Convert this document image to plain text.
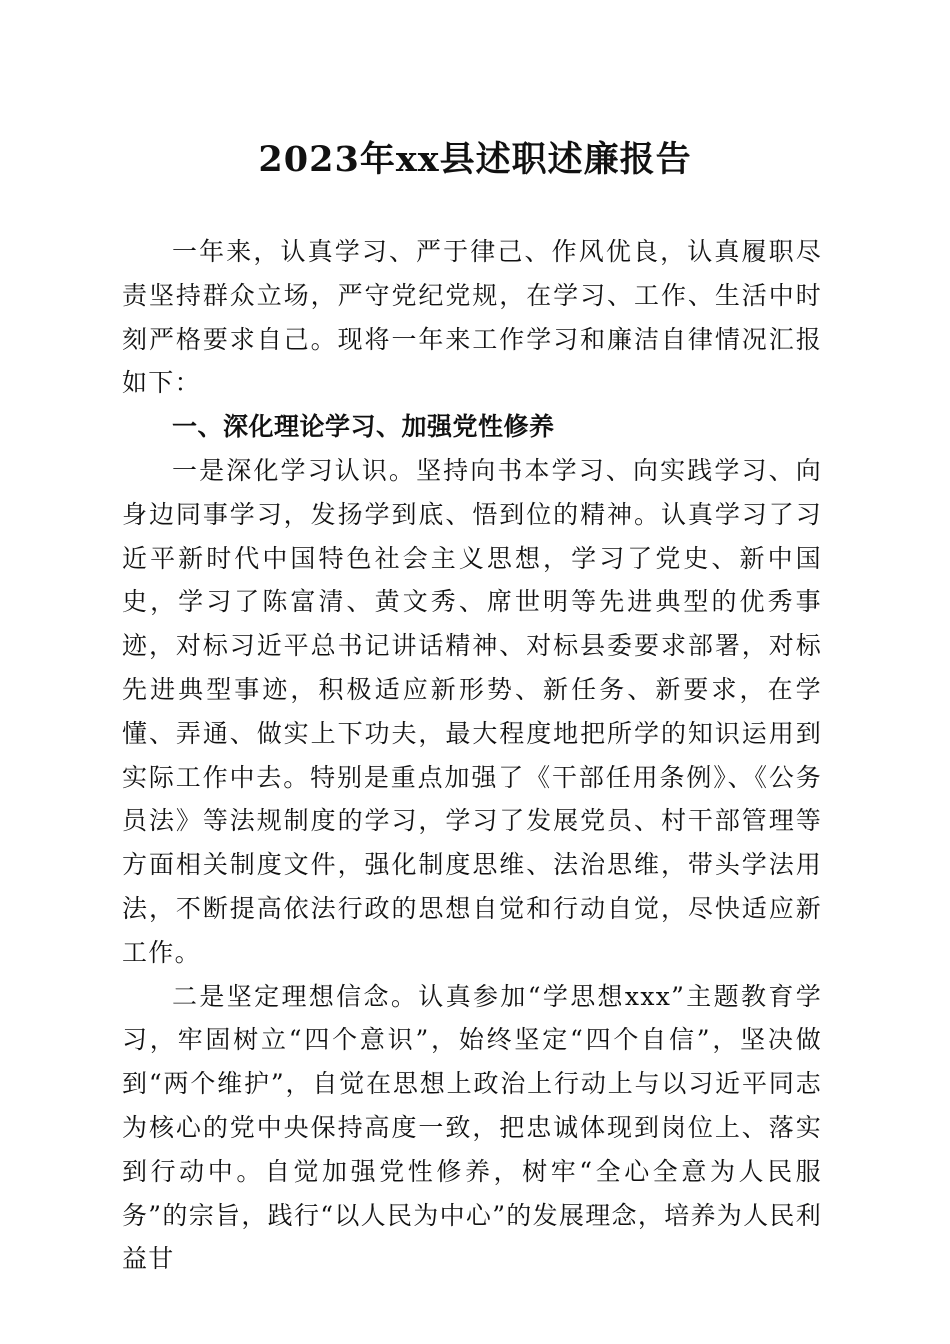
2023年xx县述职述廉报告

一年来，认真学习、严于律己、作风优良，认真履职尽责坚持群众立场，严守党纪党规，在学习、工作、生活中时刻严格要求自己。现将一年来工作学习和廉洁自律情况汇报如下：

一、深化理论学习、加强党性修养

一是深化学习认识。坚持向书本学习、向实践学习、向身边同事学习，发扬学到底、悟到位的精神。认真学习了习近平新时代中国特色社会主义思想，学习了党史、新中国史，学习了陈富清、黄文秀、席世明等先进典型的优秀事迹，对标习近平总书记讲话精神、对标县委要求部署，对标先进典型事迹，积极适应新形势、新任务、新要求，在学懂、弄通、做实上下功夫，最大程度地把所学的知识运用到实际工作中去。特别是重点加强了《干部任用条例》、《公务员法》等法规制度的学习，学习了发展党员、村干部管理等方面相关制度文件，强化制度思维、法治思维，带头学法用法，不断提高依法行政的思想自觉和行动自觉，尽快适应新工作。

二是坚定理想信念。认真参加“学思想xxx”主题教育学习，牢固树立“四个意识”，始终坚定“四个自信”，坚决做到“两个维护”，自觉在思想上政治上行动上与以习近平同志为核心的党中央保持高度一致，把忠诚体现到岗位上、落实到行动中。自觉加强党性修养，树牢“全心全意为人民服务”的宗旨，践行“以人民为中心”的发展理念，培养为人民利益甘
